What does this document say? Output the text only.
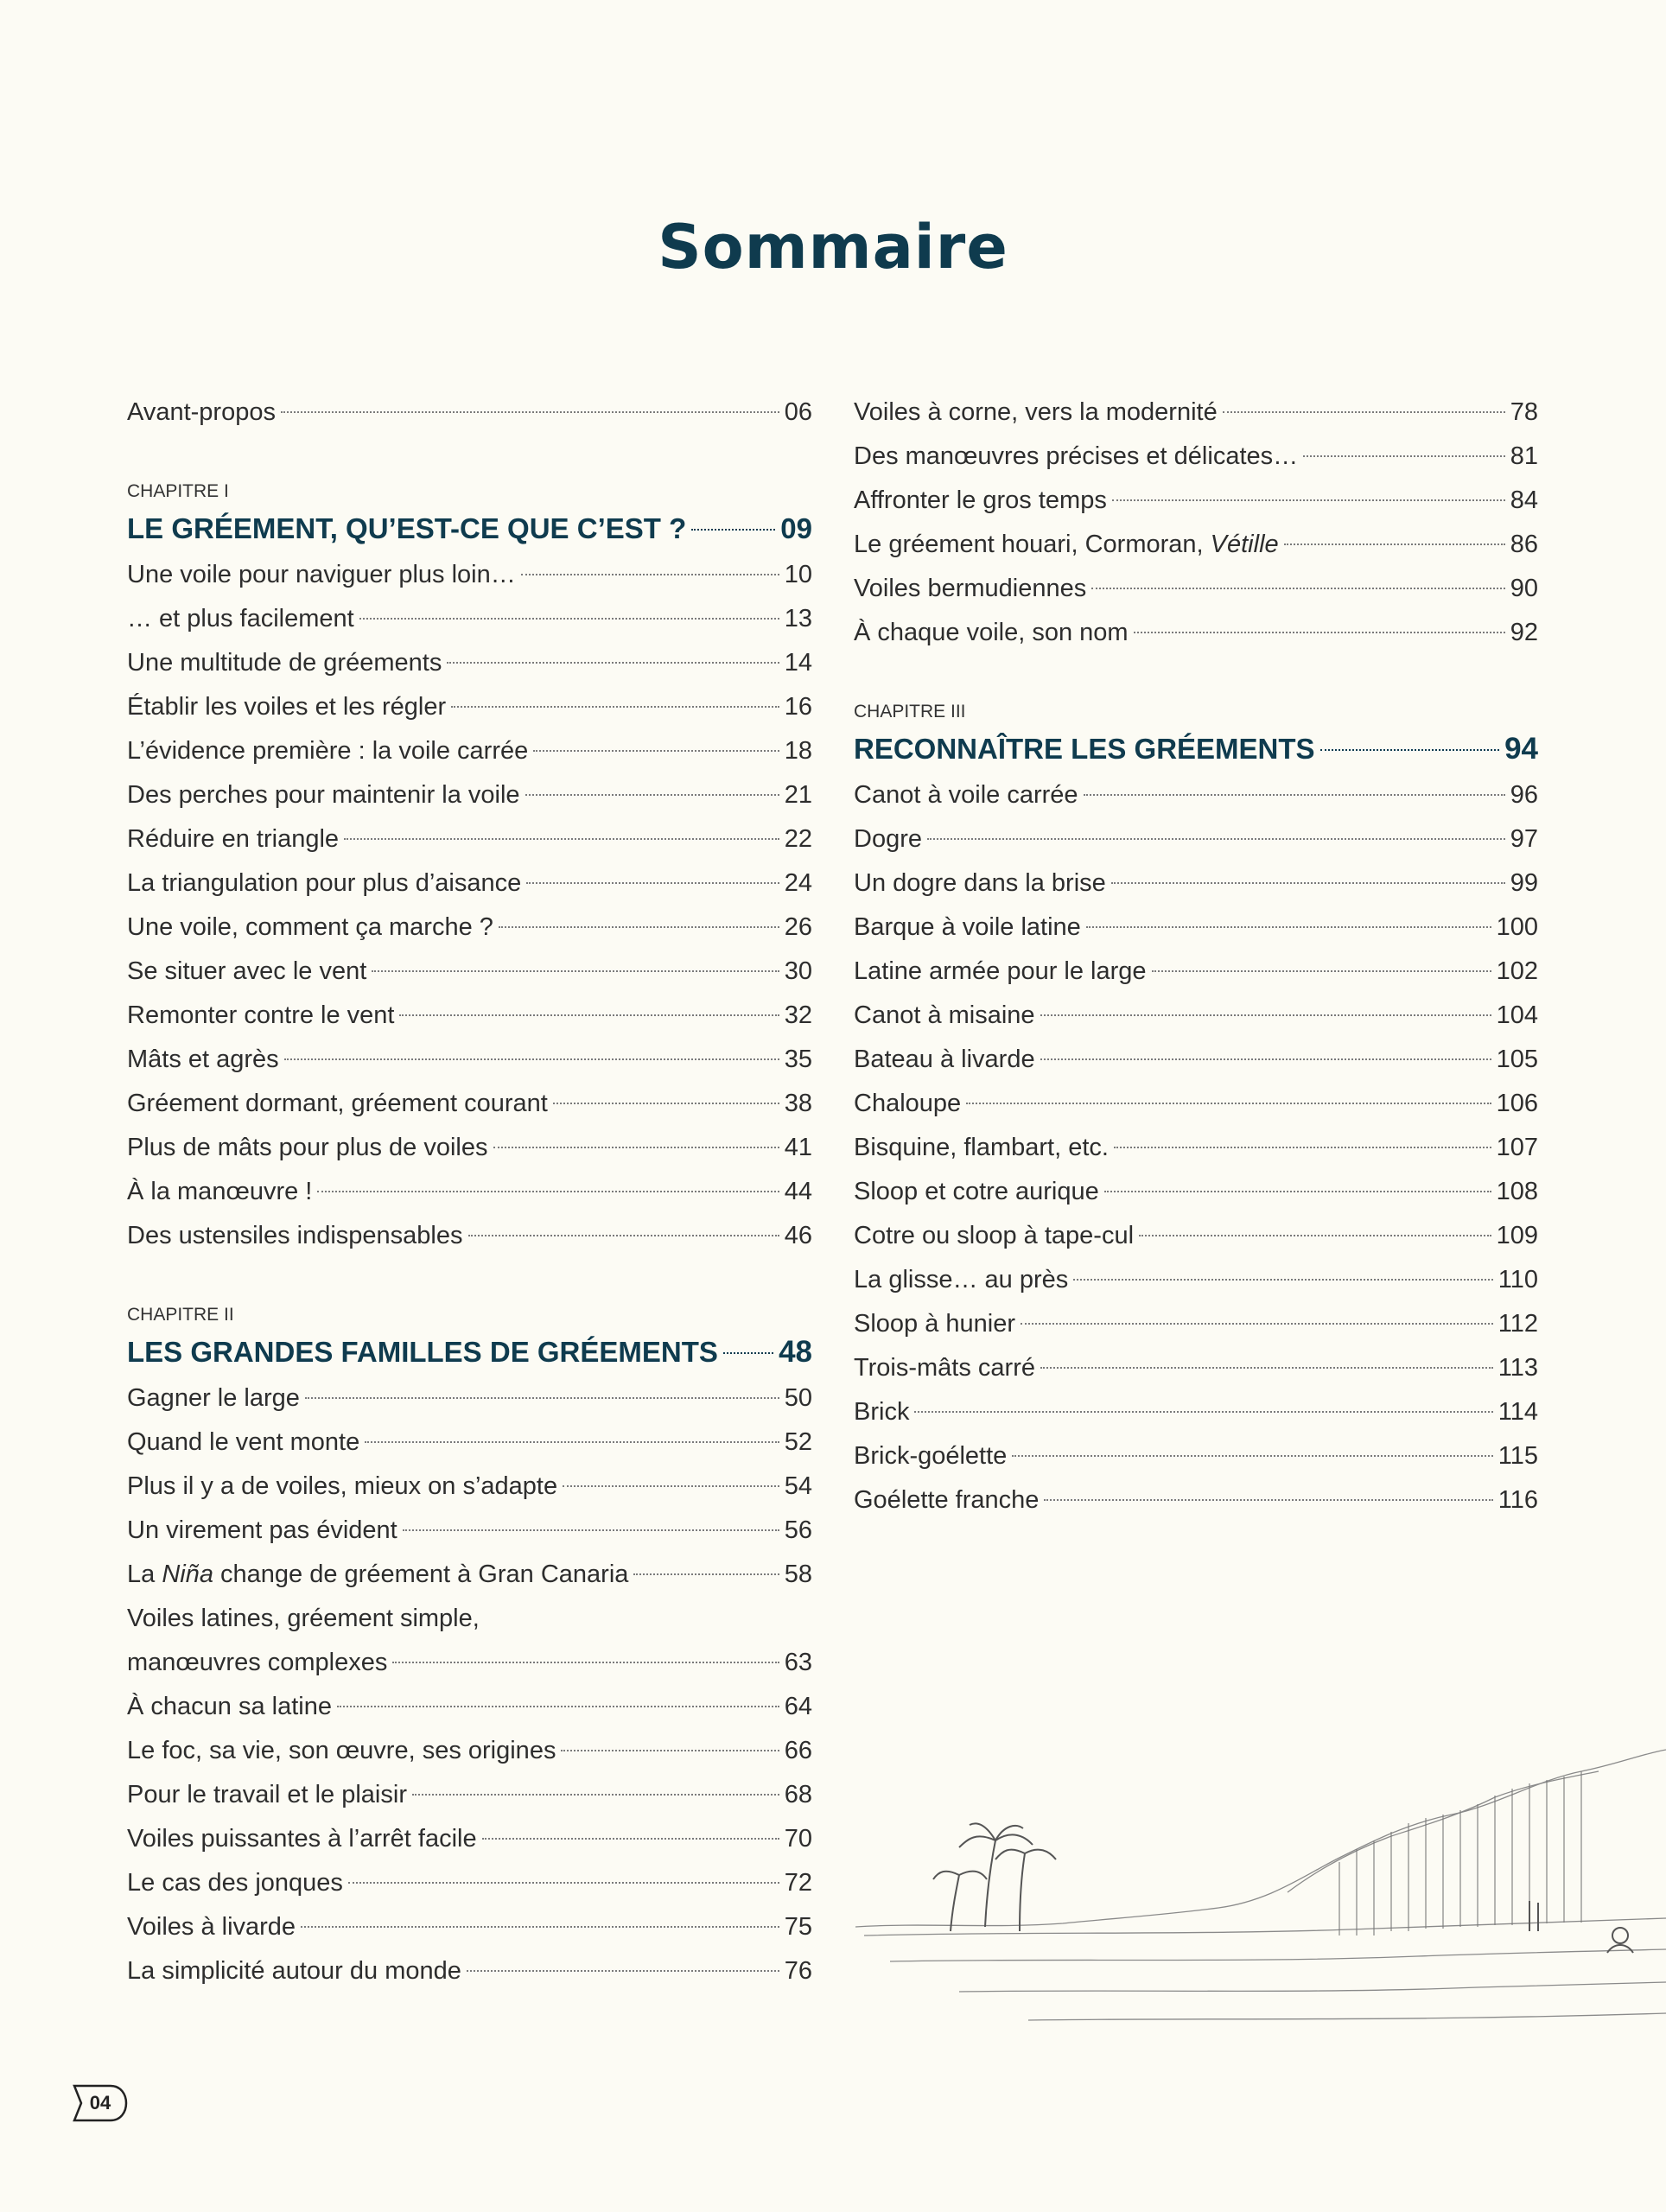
Sommaire
Avant-propos	06
CHAPITRE I
LE GRÉEMENT, QU’EST-CE QUE C’EST ?	09
Une voile pour naviguer plus loin…	10
… et plus facilement	13
Une multitude de gréements	14
Établir les voiles et les régler	16
L’évidence première : la voile carrée	18
Des perches pour maintenir la voile	21
Réduire en triangle	22
La triangulation pour plus d’aisance	24
Une voile, comment ça marche ?	26
Se situer avec le vent	30
Remonter contre le vent	32
Mâts et agrès	35
Gréement dormant, gréement courant	38
Plus de mâts pour plus de voiles	41
À la manœuvre !	44
Des ustensiles indispensables	46
CHAPITRE II
LES GRANDES FAMILLES DE GRÉEMENTS 48
Gagner le large	50
Quand le vent monte	52
Plus il y a de voiles, mieux on s’adapte	54
Un virement pas évident	56
La Niña change de gréement à Gran Canaria	58
Voiles latines, gréement simple,
manœuvres complexes	63
À chacun sa latine	64
Le foc, sa vie, son œuvre, ses origines	66
Pour le travail et le plaisir	68
Voiles puissantes à l’arrêt facile	70
Le cas des jonques	72
Voiles à livarde	75
La simplicité autour du monde	76
Voiles à corne, vers la modernité	78
Des manœuvres précises et délicates…	81
Affronter le gros temps	84
Le gréement houari, Cormoran, Vétille	86
Voiles bermudiennes	90
À chaque voile, son nom	92
CHAPITRE III
RECONNAÎTRE LES GRÉEMENTS	94
Canot à voile carrée	96
Dogre	97
Un dogre dans la brise	99
Barque à voile latine	100
Latine armée pour le large	102
Canot à misaine	104
Bateau à livarde	105
Chaloupe	106
Bisquine, flambart, etc.	107
Sloop et cotre aurique	108
Cotre ou sloop à tape-cul	109
La glisse… au près	110
Sloop à hunier	112
Trois-mâts carré	113
Brick	114
Brick-goélette	115
Goélette franche	116
04
